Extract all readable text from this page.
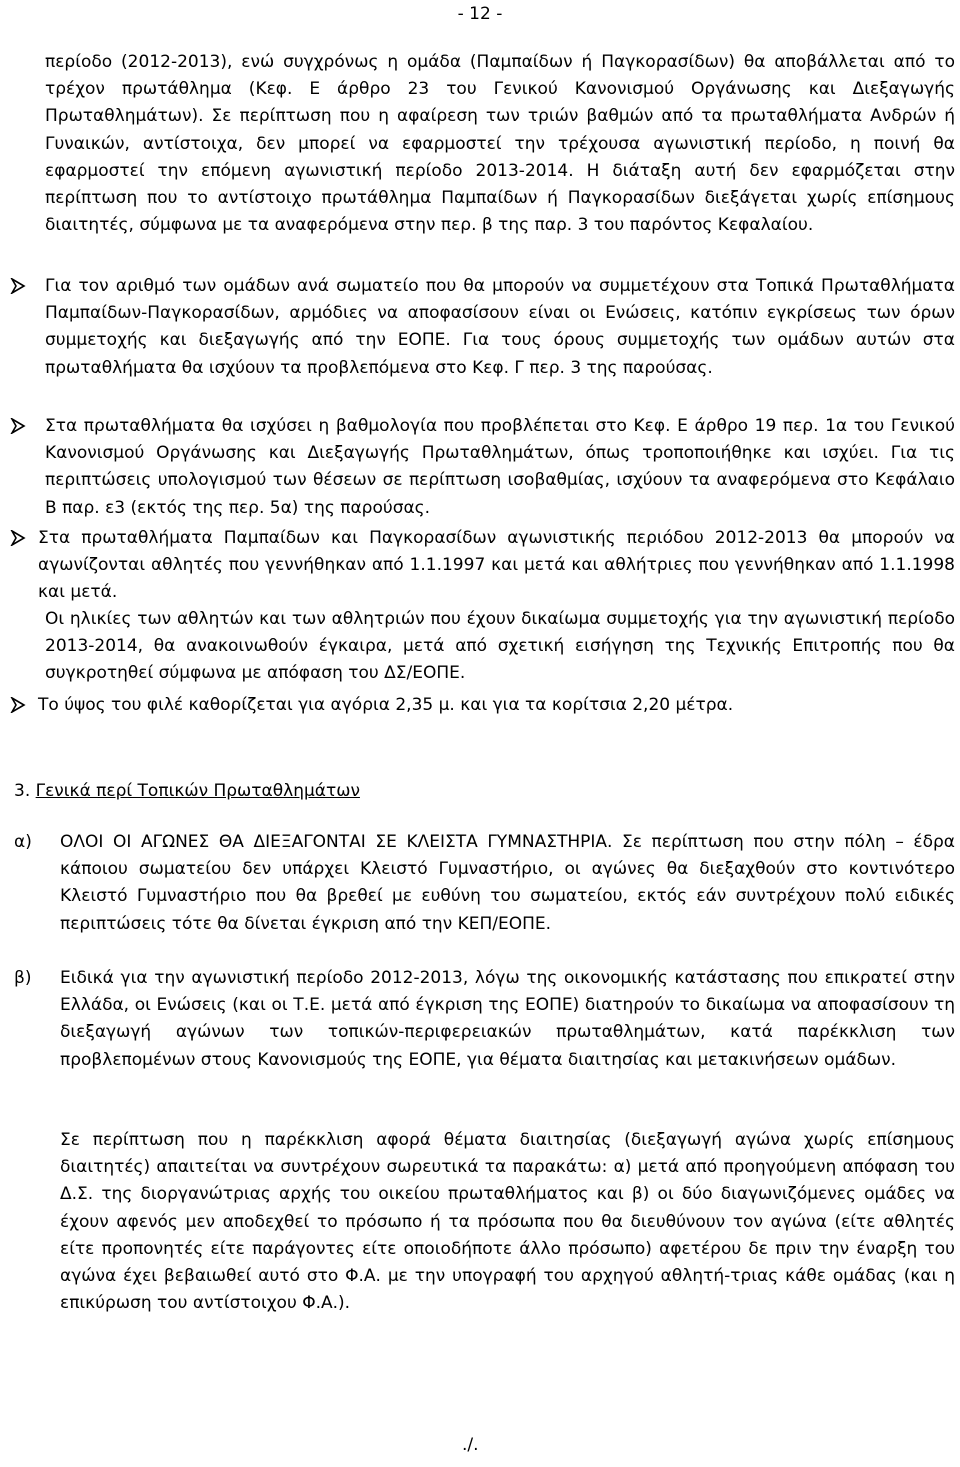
- 12 -

περίοδο (2012-2013), ενώ συγχρόνως η ομάδα (Παμπαίδων ή Παγκορασίδων) θα αποβάλλεται από το τρέχον πρωτάθλημα (Κεφ. Ε άρθρο 23 του Γενικού Κανονισμού Οργάνωσης και Διεξαγωγής Πρωταθλημάτων). Σε περίπτωση που η αφαίρεση των τριών βαθμών από τα πρωταθλήματα Ανδρών ή Γυναικών, αντίστοιχα, δεν μπορεί να εφαρμοστεί την τρέχουσα αγωνιστική περίοδο, η ποινή θα εφαρμοστεί την επόμενη αγωνιστική περίοδο 2013-2014. Η διάταξη αυτή δεν εφαρμόζεται στην περίπτωση που το αντίστοιχο πρωτάθλημα Παμπαίδων ή Παγκορασίδων διεξάγεται χωρίς επίσημους διαιτητές, σύμφωνα με τα αναφερόμενα στην περ. β της παρ. 3 του παρόντος Κεφαλαίου.

Για τον αριθμό των ομάδων ανά σωματείο που θα μπορούν να συμμετέχουν στα Τοπικά Πρωταθλήματα Παμπαίδων-Παγκορασίδων, αρμόδιες να αποφασίσουν είναι οι Ενώσεις, κατόπιν εγκρίσεως των όρων συμμετοχής και διεξαγωγής από την ΕΟΠΕ. Για τους όρους συμμετοχής των ομάδων αυτών στα πρωταθλήματα θα ισχύουν τα προβλεπόμενα στο Κεφ. Γ περ. 3 της παρούσας.

Στα πρωταθλήματα θα ισχύσει η βαθμολογία που προβλέπεται στο Κεφ. Ε άρθρο 19 περ. 1α του Γενικού Κανονισμού Οργάνωσης και Διεξαγωγής Πρωταθλημάτων, όπως τροποποιήθηκε και ισχύει. Για τις περιπτώσεις υπολογισμού των θέσεων σε περίπτωση ισοβαθμίας, ισχύουν τα αναφερόμενα στο Κεφάλαιο Β παρ. ε3 (εκτός της περ. 5α) της παρούσας.

Στα πρωταθλήματα Παμπαίδων και Παγκορασίδων αγωνιστικής περιόδου 2012-2013 θα μπορούν να αγωνίζονται αθλητές που γεννήθηκαν από 1.1.1997 και μετά και αθλήτριες που γεννήθηκαν από 1.1.1998 και μετά.

Οι ηλικίες των αθλητών και των αθλητριών που έχουν δικαίωμα συμμετοχής για την αγωνιστική περίοδο 2013-2014, θα ανακοινωθούν έγκαιρα, μετά από σχετική εισήγηση της Τεχνικής Επιτροπής που θα συγκροτηθεί σύμφωνα με απόφαση του ΔΣ/ΕΟΠΕ.

Το ύψος του φιλέ καθορίζεται για αγόρια 2,35 μ. και για τα κορίτσια 2,20 μέτρα.

3. Γενικά περί Τοπικών Πρωταθλημάτων
α) ΟΛΟΙ ΟΙ ΑΓΩΝΕΣ ΘΑ ΔΙΕΞΑΓΟΝΤΑΙ ΣΕ ΚΛΕΙΣΤΑ ΓΥΜΝΑΣΤΗΡΙΑ. Σε περίπτωση που στην πόλη – έδρα κάποιου σωματείου δεν υπάρχει Κλειστό Γυμναστήριο, οι αγώνες θα διεξαχθούν στο κοντινότερο Κλειστό Γυμναστήριο που θα βρεθεί με ευθύνη του σωματείου, εκτός εάν συντρέχουν πολύ ειδικές περιπτώσεις τότε θα δίνεται έγκριση από την ΚΕΠ/ΕΟΠΕ.

β) Ειδικά για την αγωνιστική περίοδο 2012-2013, λόγω της οικονομικής κατάστασης που επικρατεί στην Ελλάδα, οι Ενώσεις (και οι Τ.Ε. μετά από έγκριση της ΕΟΠΕ) διατηρούν το δικαίωμα να αποφασίσουν τη διεξαγωγή αγώνων των τοπικών-περιφερειακών πρωταθλημάτων, κατά παρέκκλιση των προβλεπομένων στους Κανονισμούς της ΕΟΠΕ, για θέματα διαιτησίας και μετακινήσεων ομάδων.

Σε περίπτωση που η παρέκκλιση αφορά θέματα διαιτησίας (διεξαγωγή αγώνα χωρίς επίσημους διαιτητές) απαιτείται να συντρέχουν σωρευτικά τα παρακάτω: α) μετά από προηγούμενη απόφαση του Δ.Σ. της διοργανώτριας αρχής του οικείου πρωταθλήματος και β) οι δύο διαγωνιζόμενες ομάδες να έχουν αφενός μεν αποδεχθεί το πρόσωπο ή τα πρόσωπα που θα διευθύνουν τον αγώνα (είτε αθλητές είτε προπονητές είτε παράγοντες είτε οποιοδήποτε άλλο πρόσωπο) αφετέρου δε πριν την έναρξη του αγώνα έχει βεβαιωθεί αυτό στο Φ.Α. με την υπογραφή του αρχηγού αθλητή-τριας κάθε ομάδας (και η επικύρωση του αντίστοιχου Φ.Α.).

./.
